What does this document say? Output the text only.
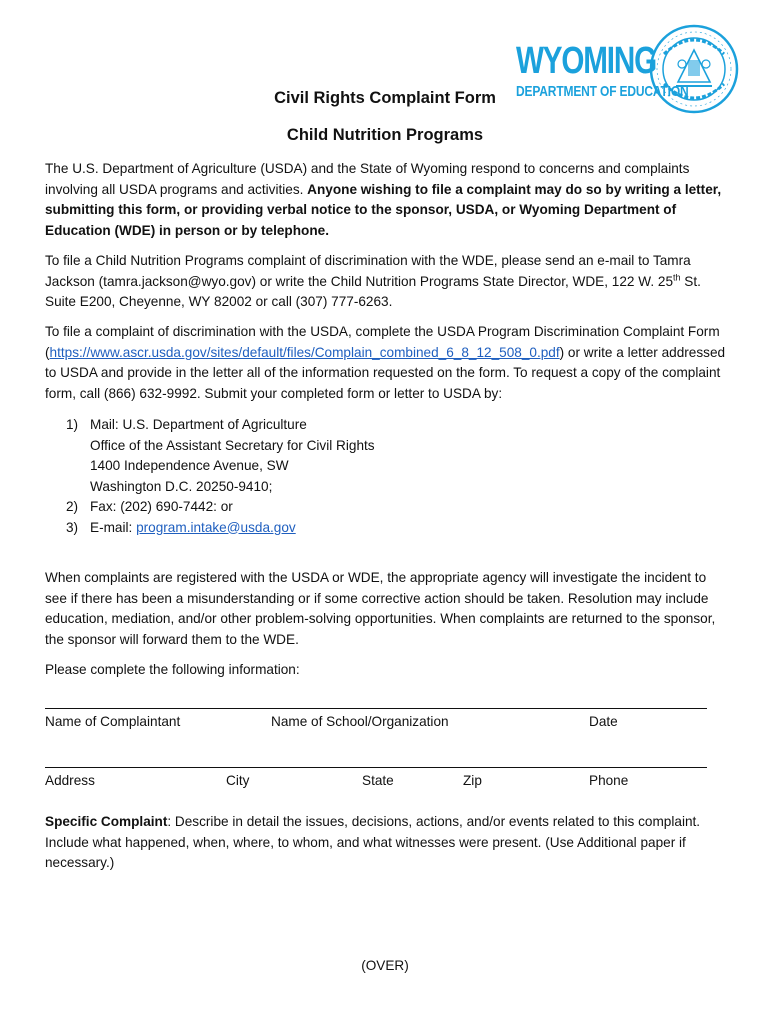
WYOMING
DEPARTMENT OF EDUCATION
Civil Rights Complaint Form
Child Nutrition Programs

The U.S. Department of Agriculture (USDA) and the State of Wyoming respond to concerns and complaints involving all USDA programs and activities. Anyone wishing to file a complaint may do so by writing a letter, submitting this form, or providing verbal notice to the sponsor, USDA, or Wyoming Department of Education (WDE) in person or by telephone.

To file a Child Nutrition Programs complaint of discrimination with the WDE, please send an e-mail to Tamra Jackson (tamra.jackson@wyo.gov) or write the Child Nutrition Programs State Director, WDE, 122 W. 25th St. Suite E200, Cheyenne, WY 82002 or call (307) 777-6263.

To file a complaint of discrimination with the USDA, complete the USDA Program Discrimination Complaint Form (https://www.ascr.usda.gov/sites/default/files/Complain_combined_6_8_12_508_0.pdf) or write a letter addressed to USDA and provide in the letter all of the information requested on the form. To request a copy of the complaint form, call (866) 632-9992. Submit your completed form or letter to USDA by:

1) Mail: U.S. Department of Agriculture
Office of the Assistant Secretary for Civil Rights
1400 Independence Avenue, SW
Washington D.C. 20250-9410;
2) Fax: (202) 690-7442: or
3) E-mail: program.intake@usda.gov

When complaints are registered with the USDA or WDE, the appropriate agency will investigate the incident to see if there has been a misunderstanding or if some corrective action should be taken. Resolution may include education, mediation, and/or other problem-solving opportunities. When complaints are returned to the sponsor, the sponsor will forward them to the WDE.

Please complete the following information:

Name of Complaintant	Name of School/Organization	Date
Address	City	State	Zip	Phone

Specific Complaint: Describe in detail the issues, decisions, actions, and/or events related to this complaint. Include what happened, when, where, to whom, and what witnesses were present. (Use Additional paper if necessary.)

(OVER)
